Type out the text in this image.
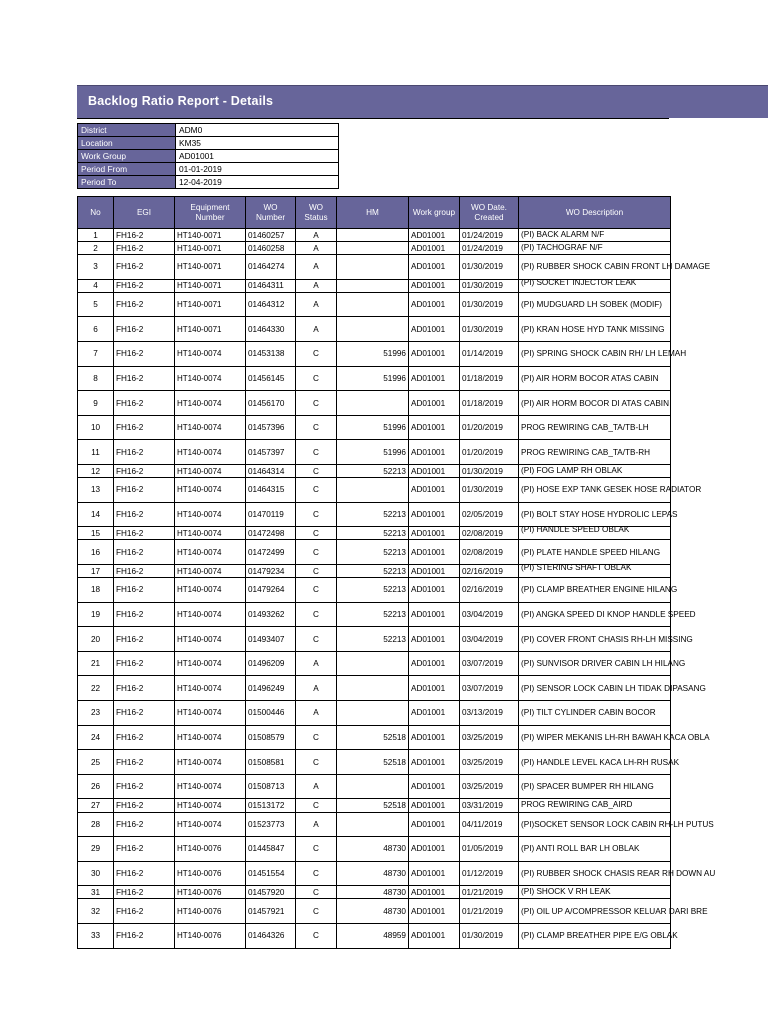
Backlog Ratio Report - Details
District	ADM0
Location	KM35
Work Group	AD01001
Period From	01-01-2019
Period To	12-04-2019
No	EGI	Equipment Number	WO Number	WO Status	HM	Work group	WO Date. Created	WO Description
1	FH16-2	HT140-0071	01460257	A		AD01001	01/24/2019	(PI) BACK ALARM N/F
2	FH16-2	HT140-0071	01460258	A		AD01001	01/24/2019	(PI) TACHOGRAF N/F
3	FH16-2	HT140-0071	01464274	A		AD01001	01/30/2019	(PI) RUBBER SHOCK CABIN FRONT LH DAMAGE
4	FH16-2	HT140-0071	01464311	A		AD01001	01/30/2019	(PI) SOCKET INJECTOR LEAK
5	FH16-2	HT140-0071	01464312	A		AD01001	01/30/2019	(PI) MUDGUARD LH SOBEK (MODIF)
6	FH16-2	HT140-0071	01464330	A		AD01001	01/30/2019	(PI) KRAN HOSE HYD TANK MISSING
7	FH16-2	HT140-0074	01453138	C	51996	AD01001	01/14/2019	(PI) SPRING SHOCK CABIN RH/ LH LEMAH
8	FH16-2	HT140-0074	01456145	C	51996	AD01001	01/18/2019	(PI) AIR HORM BOCOR ATAS CABIN
9	FH16-2	HT140-0074	01456170	C		AD01001	01/18/2019	(PI) AIR HORM BOCOR DI ATAS CABIN
10	FH16-2	HT140-0074	01457396	C	51996	AD01001	01/20/2019	PROG REWIRING CAB_TA/TB-LH
11	FH16-2	HT140-0074	01457397	C	51996	AD01001	01/20/2019	PROG REWIRING CAB_TA/TB-RH
12	FH16-2	HT140-0074	01464314	C	52213	AD01001	01/30/2019	(PI) FOG LAMP RH OBLAK
13	FH16-2	HT140-0074	01464315	C		AD01001	01/30/2019	(PI) HOSE EXP TANK GESEK HOSE RADIATOR
14	FH16-2	HT140-0074	01470119	C	52213	AD01001	02/05/2019	(PI) BOLT STAY HOSE HYDROLIC LEPAS
15	FH16-2	HT140-0074	01472498	C	52213	AD01001	02/08/2019	(PI) HANDLE SPEED OBLAK
16	FH16-2	HT140-0074	01472499	C	52213	AD01001	02/08/2019	(PI) PLATE HANDLE SPEED HILANG
17	FH16-2	HT140-0074	01479234	C	52213	AD01001	02/16/2019	(PI) STERING SHAFT OBLAK
18	FH16-2	HT140-0074	01479264	C	52213	AD01001	02/16/2019	(PI) CLAMP BREATHER ENGINE HILANG
19	FH16-2	HT140-0074	01493262	C	52213	AD01001	03/04/2019	(PI) ANGKA SPEED DI KNOP HANDLE SPEED
20	FH16-2	HT140-0074	01493407	C	52213	AD01001	03/04/2019	(PI) COVER FRONT CHASIS RH-LH MISSING
21	FH16-2	HT140-0074	01496209	A		AD01001	03/07/2019	(PI) SUNVISOR DRIVER CABIN LH HILANG
22	FH16-2	HT140-0074	01496249	A		AD01001	03/07/2019	(PI) SENSOR LOCK CABIN LH TIDAK DIPASANG
23	FH16-2	HT140-0074	01500446	A		AD01001	03/13/2019	(PI) TILT CYLINDER CABIN BOCOR
24	FH16-2	HT140-0074	01508579	C	52518	AD01001	03/25/2019	(PI) WIPER MEKANIS LH-RH BAWAH KACA OBLA
25	FH16-2	HT140-0074	01508581	C	52518	AD01001	03/25/2019	(PI) HANDLE LEVEL KACA LH-RH RUSAK
26	FH16-2	HT140-0074	01508713	A		AD01001	03/25/2019	(PI) SPACER BUMPER RH HILANG
27	FH16-2	HT140-0074	01513172	C	52518	AD01001	03/31/2019	PROG REWIRING CAB_AIRD
28	FH16-2	HT140-0074	01523773	A		AD01001	04/11/2019	(PI)SOCKET SENSOR LOCK CABIN RH-LH PUTUS
29	FH16-2	HT140-0076	01445847	C	48730	AD01001	01/05/2019	(PI) ANTI ROLL BAR LH OBLAK
30	FH16-2	HT140-0076	01451554	C	48730	AD01001	01/12/2019	(PI) RUBBER SHOCK CHASIS REAR RH DOWN AU
31	FH16-2	HT140-0076	01457920	C	48730	AD01001	01/21/2019	(PI) SHOCK V RH LEAK
32	FH16-2	HT140-0076	01457921	C	48730	AD01001	01/21/2019	(PI) OIL UP A/COMPRESSOR KELUAR DARI BRE
33	FH16-2	HT140-0076	01464326	C	48959	AD01001	01/30/2019	(PI) CLAMP BREATHER PIPE E/G OBLAK
